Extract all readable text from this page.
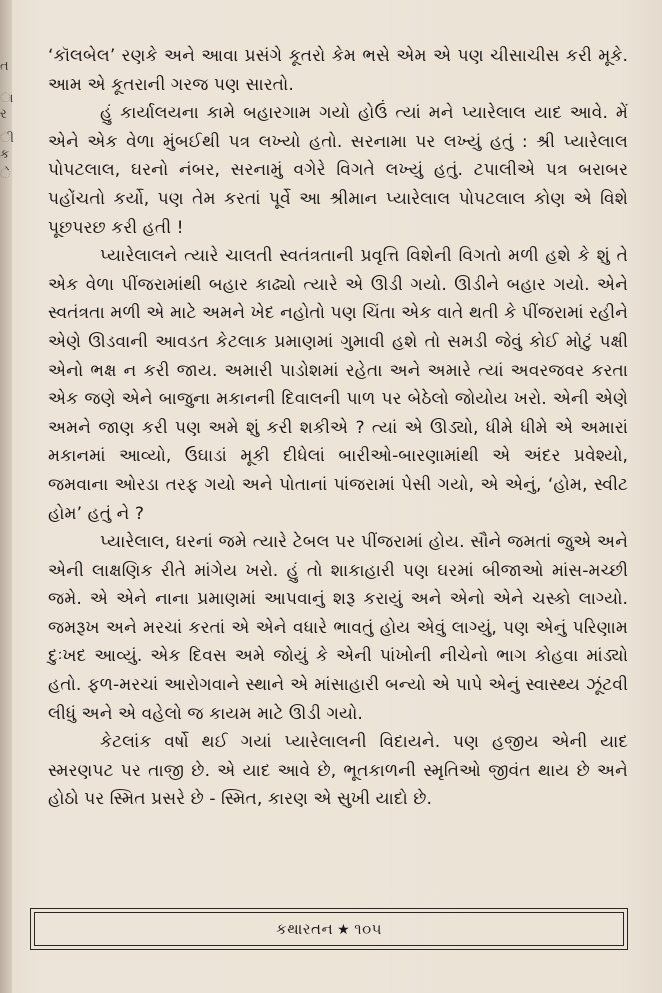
ત
ા
ર
ી
ક
ે

‘કૉલબેલ’ રણકે અને આવા પ્રસંગે કૂતરો કેમ ભસે એમ એ પણ ચીસાચીસ કરી મૂકે. આમ એ કૂતરાની ગરજ પણ સારતો.

હું કાર્યાલયના કામે બહારગામ ગયો હોઉં ત્યાં મને પ્યારેલાલ યાદ આવે. મેં એને એક વેળા મુંબઈથી પત્ર લખ્યો હતો. સરનામા પર લખ્યું હતું : શ્રી પ્યારેલાલ પોપટલાલ, ઘરનો નંબર, સરનામું વગેરે વિગતે લખ્યું હતું. ટપાલીએ પત્ર બરાબર પહોંચતો કર્યો, પણ તેમ કરતાં પૂર્વે આ શ્રીમાન પ્યારેલાલ પોપટલાલ કોણ એ વિશે પૂછપરછ કરી હતી !

પ્યારેલાલને ત્યારે ચાલતી સ્વતંત્રતાની પ્રવૃત્તિ વિશેની વિગતો મળી હશે કે શું તે એક વેળા પીંજરામાંથી બહાર કાઢ્યો ત્યારે એ ઊડી ગયો. ઊડીને બહાર ગયો. એને સ્વતંત્રતા મળી એ માટે અમને ખેદ નહોતો પણ ચિંતા એક વાતે થતી કે પીંજરામાં રહીને એણે ઊડવાની આવડત કેટલાક પ્રમાણમાં ગુમાવી હશે તો સમડી જેવું કોઈ મોટું પક્ષી એનો ભક્ષ ન કરી જાય. અમારી પાડોશમાં રહેતા અને અમારે ત્યાં અવરજવર કરતા એક જણે એને બાજુના મકાનની દિવાલની પાળ પર બેઠેલો જોયોય ખરો. એની એણે અમને જાણ કરી પણ અમે શું કરી શકીએ ? ત્યાં એ ઊડ્યો, ધીમે ધીમે એ અમારાં મકાનમાં આવ્યો, ઉઘાડાં મૂકી દીધેલાં બારીઓ-બારણામાંથી એ અંદર પ્રવેશ્યો, જમવાના ઓરડા તરફ ગયો અને પોતાનાં પાંજરામાં પેસી ગયો, એ એનું, ‘હોમ, સ્વીટ હોમ’ હતું ને ?

પ્યારેલાલ, ઘરનાં જમે ત્યારે ટેબલ પર પીંજરામાં હોય. સૌને જમતાં જુએ અને એની લાક્ષણિક રીતે માંગેય ખરો. હું તો શાકાહારી પણ ઘરમાં બીજાઓ માંસ-મચ્છી જમે. એ એને નાના પ્રમાણમાં આપવાનું શરૂ કરાયું અને એનો એને ચસ્કો લાગ્યો. જમરૂખ અને મરચાં કરતાં એ એને વધારે ભાવતું હોય એવું લાગ્યું, પણ એનું પરિણામ દુઃખદ આવ્યું. એક દિવસ અમે જોયું કે એની પાંખોની નીચેનો ભાગ કોહવા માંડ્યો હતો. ફળ-મરચાં આરોગવાને સ્થાને એ માંસાહારી બન્યો એ પાપે એનું સ્વાસ્થ્ય ઝૂંટવી લીધું અને એ વહેલો જ કાયમ માટે ઊડી ગયો.

કેટલાંક વર્ષો થઈ ગયાં પ્યારેલાલની વિદાયને. પણ હજીય એની યાદ સ્મરણપટ પર તાજી છે. એ યાદ આવે છે, ભૂતકાળની સ્મૃતિઓ જીવંત થાય છે અને હોઠો પર સ્મિત પ્રસરે છે - સ્મિત, કારણ એ સુખી યાદો છે.

કથારતન ★ ૧૦૫
